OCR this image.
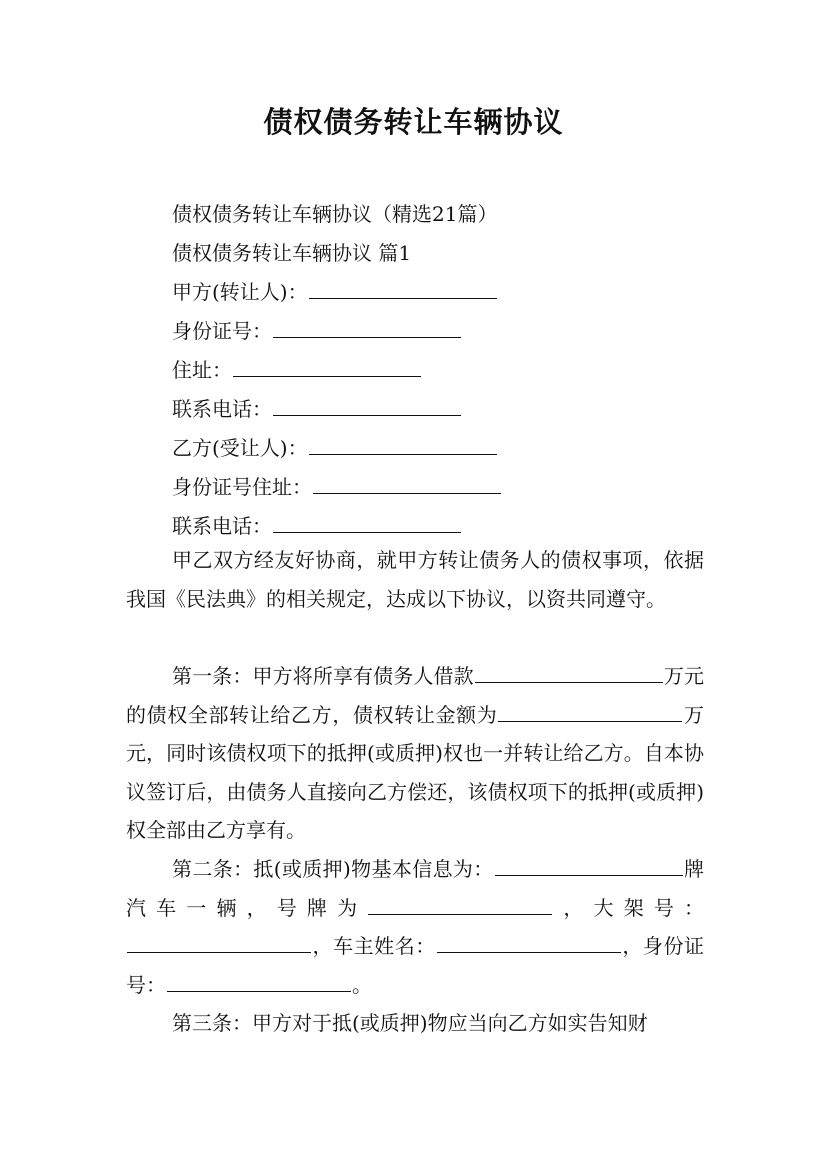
债权债务转让车辆协议
债权债务转让车辆协议（精选21篇）
债权债务转让车辆协议 篇1
甲方(转让人)：
身份证号：
住址：
联系电话：
乙方(受让人)：
身份证号住址：
联系电话：
甲乙双方经友好协商，就甲方转让债务人的债权事项，依据我国《民法典》的相关规定，达成以下协议，以资共同遵守。
第一条：甲方将所享有债务人借款	万元的债权全部转让给乙方，债权转让金额为	万元，同时该债权项下的抵押(或质押)权也一并转让给乙方。自本协议签订后，由债务人直接向乙方偿还，该债权项下的抵押(或质押)权全部由乙方享有。
第二条：抵(或质押)物基本信息为：	牌汽车一辆，号牌为	，大架号：，车主姓名：	，身份证号：	。
第三条：甲方对于抵(或质押)物应当向乙方如实告知财
